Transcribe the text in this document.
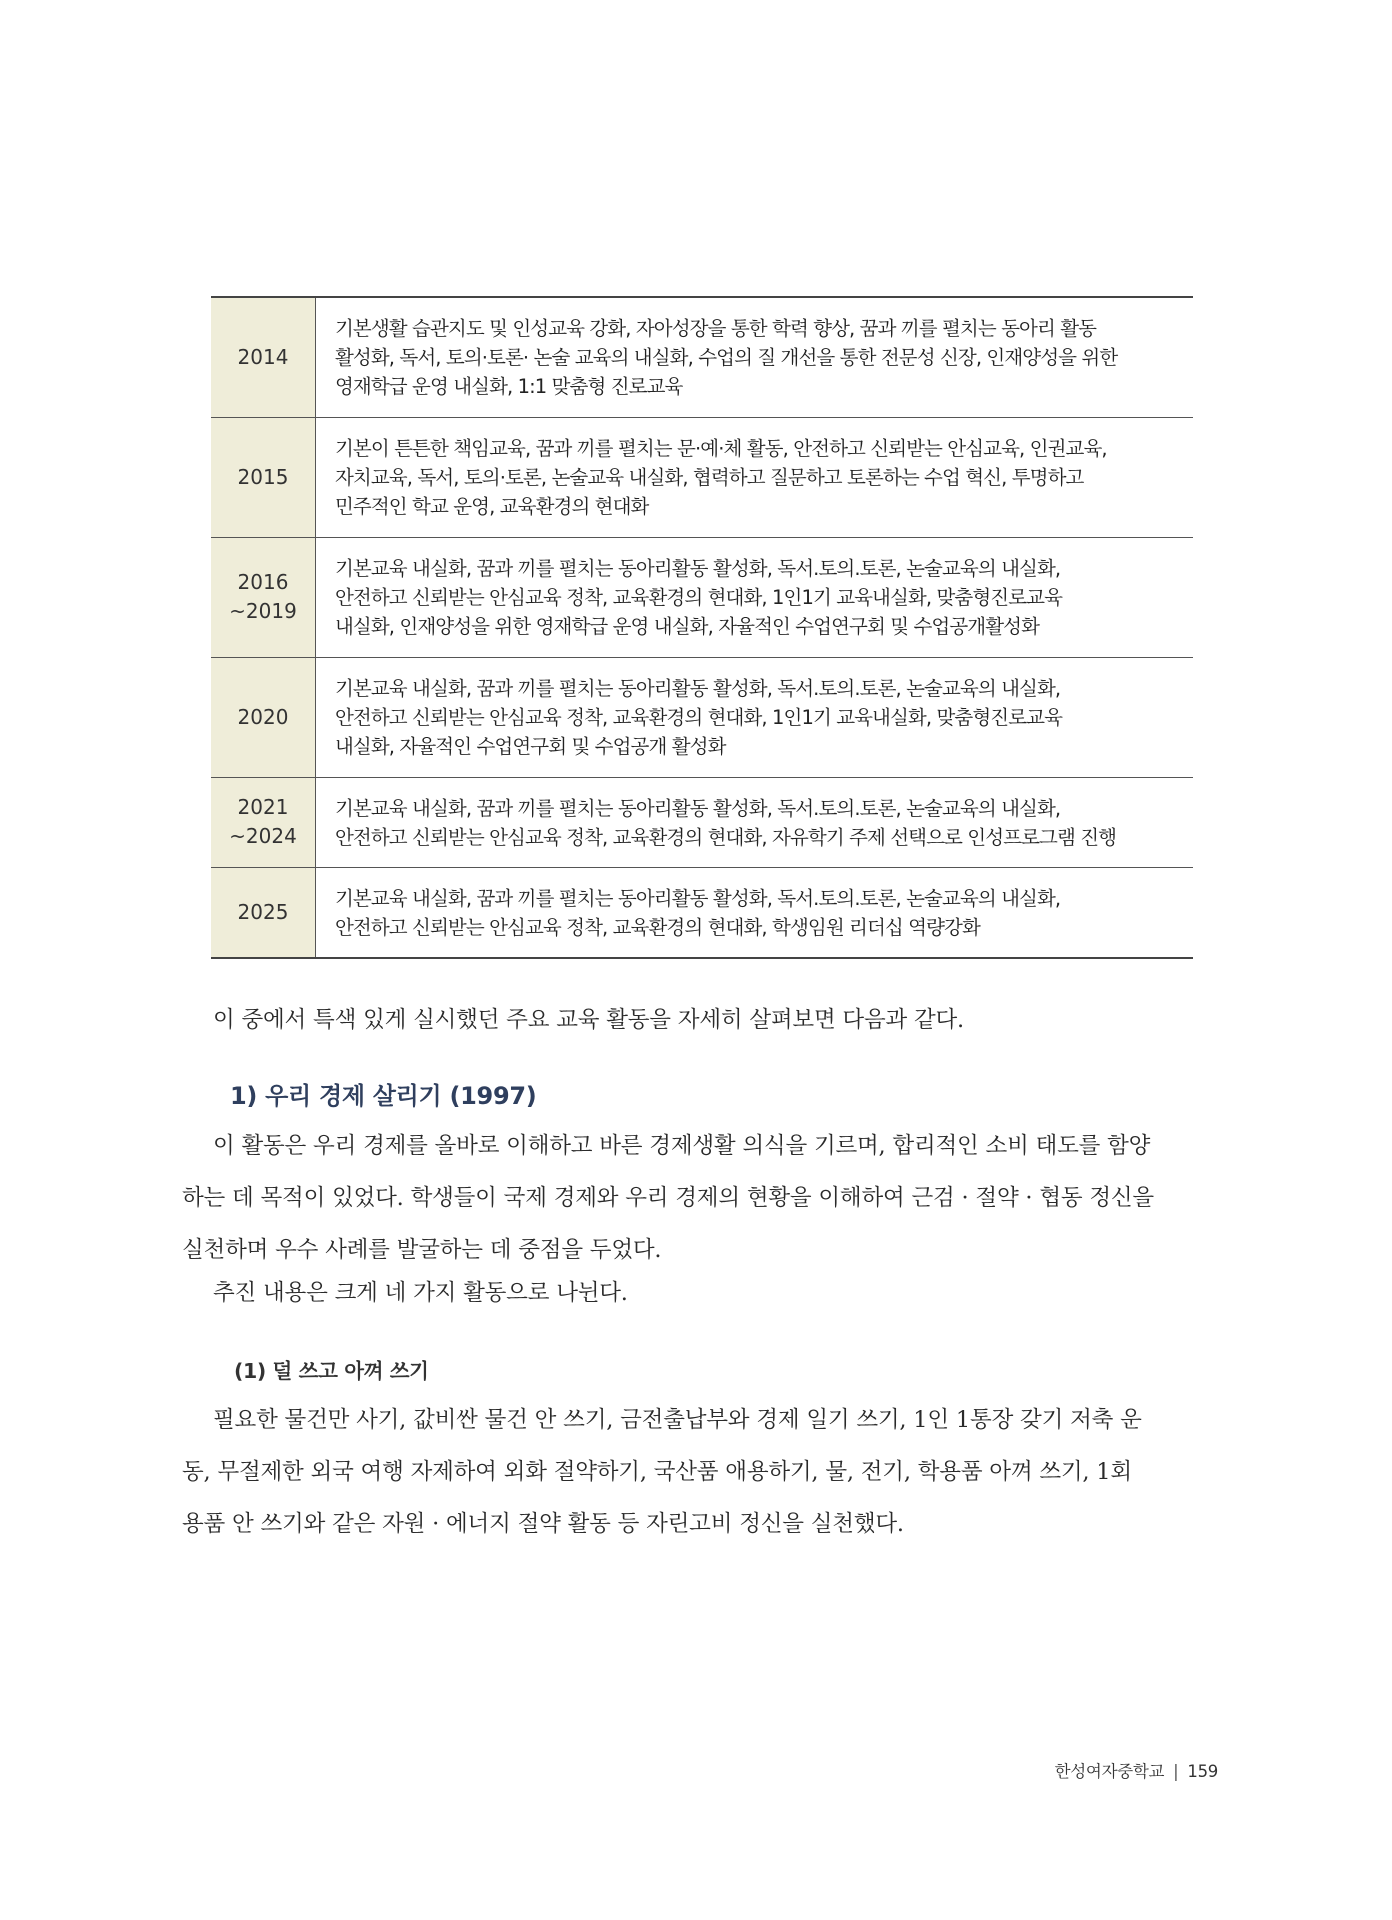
2014	기본생활 습관지도 및 인성교육 강화, 자아성장을 통한 학력 향상, 꿈과 끼를 펼치는 동아리 활동
활성화, 독서, 토의·토론· 논술 교육의 내실화, 수업의 질 개선을 통한 전문성 신장, 인재양성을 위한
영재학급 운영 내실화, 1:1 맞춤형 진로교육

2015	기본이 튼튼한 책임교육, 꿈과 끼를 펼치는 문·예·체 활동, 안전하고 신뢰받는 안심교육, 인권교육,
자치교육, 독서, 토의·토론, 논술교육 내실화, 협력하고 질문하고 토론하는 수업 혁신, 투명하고
민주적인 학교 운영, 교육환경의 현대화

2016
~2019	기본교육 내실화, 꿈과 끼를 펼치는 동아리활동 활성화, 독서.토의.토론, 논술교육의 내실화,
안전하고 신뢰받는 안심교육 정착, 교육환경의 현대화, 1인1기 교육내실화, 맞춤형진로교육
내실화, 인재양성을 위한 영재학급 운영 내실화, 자율적인 수업연구회 및 수업공개활성화

2020	기본교육 내실화, 꿈과 끼를 펼치는 동아리활동 활성화, 독서.토의.토론, 논술교육의 내실화,
안전하고 신뢰받는 안심교육 정착, 교육환경의 현대화, 1인1기 교육내실화, 맞춤형진로교육
내실화, 자율적인 수업연구회 및 수업공개 활성화

2021
~2024	기본교육 내실화, 꿈과 끼를 펼치는 동아리활동 활성화, 독서.토의.토론, 논술교육의 내실화,
안전하고 신뢰받는 안심교육 정착, 교육환경의 현대화, 자유학기 주제 선택으로 인성프로그램 진행

2025	기본교육 내실화, 꿈과 끼를 펼치는 동아리활동 활성화, 독서.토의.토론, 논술교육의 내실화,
안전하고 신뢰받는 안심교육 정착, 교육환경의 현대화, 학생임원 리더십 역량강화
이 중에서 특색 있게 실시했던 주요 교육 활동을 자세히 살펴보면 다음과 같다.
1) 우리 경제 살리기 (1997)
이 활동은 우리 경제를 올바로 이해하고 바른 경제생활 의식을 기르며, 합리적인 소비 태도를 함양
하는 데 목적이 있었다. 학생들이 국제 경제와 우리 경제의 현황을 이해하여 근검 · 절약 · 협동 정신을
실천하며 우수 사례를 발굴하는 데 중점을 두었다.
추진 내용은 크게 네 가지 활동으로 나뉜다.
(1) 덜 쓰고 아껴 쓰기
필요한 물건만 사기, 값비싼 물건 안 쓰기, 금전출납부와 경제 일기 쓰기, 1인 1통장 갖기 저축 운
동, 무절제한 외국 여행 자제하여 외화 절약하기, 국산품 애용하기, 물, 전기, 학용품 아껴 쓰기, 1회
용품 안 쓰기와 같은 자원 · 에너지 절약 활동 등 자린고비 정신을 실천했다.
한성여자중학교 | 159
